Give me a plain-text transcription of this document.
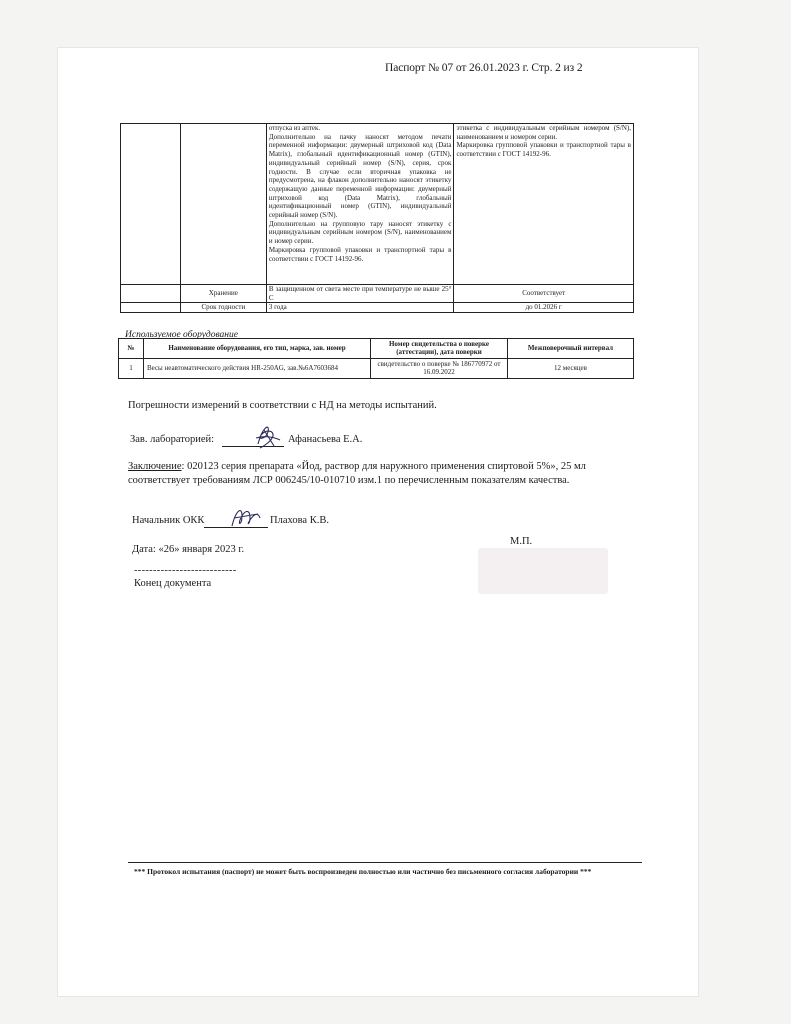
Паспорт № 07 от 26.01.2023 г. Стр. 2 из 2
		отпуска из аптек.
Дополнительно на пачку наносят методом печати переменной информации: двумерный штриховой код (Data Matrix), глобальный идентификационный номер (GTIN), индивидуальный серийный номер (S/N), серия, срок годности. В случае если вторичная упаковка не предусмотрена, на флакон дополнительно наносят этикетку содержащую данные переменной информации: двумерный штриховой код (Data Matrix), глобальный идентификационный номер (GTIN), индивидуальный серийный номер (S/N).
Дополнительно на групповую тару наносят этикетку с индивидуальным серийным номером (S/N), наименованием и номер серии.
Маркировка групповой упаковки и транспортной тары в соответствии с ГОСТ 14192-96.	этикетка с индивидуальным серийным номером (S/N), наименованием и номером серии.
Маркировка групповой упаковки и транспортной тары в соответствии с ГОСТ 14192-96.
	Хранение	В защищенном от света месте при температуре не выше 25° С	Соответствует
	Срок годности	3 года	до 01.2026 г
Используемое оборудование
№	Наименование оборудования, его тип, марка, зав. номер	Номер свидетельства о поверке (аттестации), дата поверки	Межповерочный интервал
1	Весы неавтоматического действия HR-250AG, зав.№6A7603684	свидетельство о поверке № 186770972 от 16.09.2022	12 месяцев
Погрешности измерений в соответствии с НД на методы испытаний.
Зав. лабораторией:	Афанасьева Е.А.
Заключение: 020123 серия препарата «Йод, раствор для наружного применения спиртовой 5%», 25 мл соответствует требованиям ЛСР 006245/10-010710 изм.1 по перечисленным показателям качества.
Начальник ОКК	Плахова К.В.
Дата: «26» января 2023 г.
М.П.
---------------------------
Конец документа
*** Протокол испытания (паспорт) не может быть воспроизведен полностью или частично без письменного согласия лаборатории ***
